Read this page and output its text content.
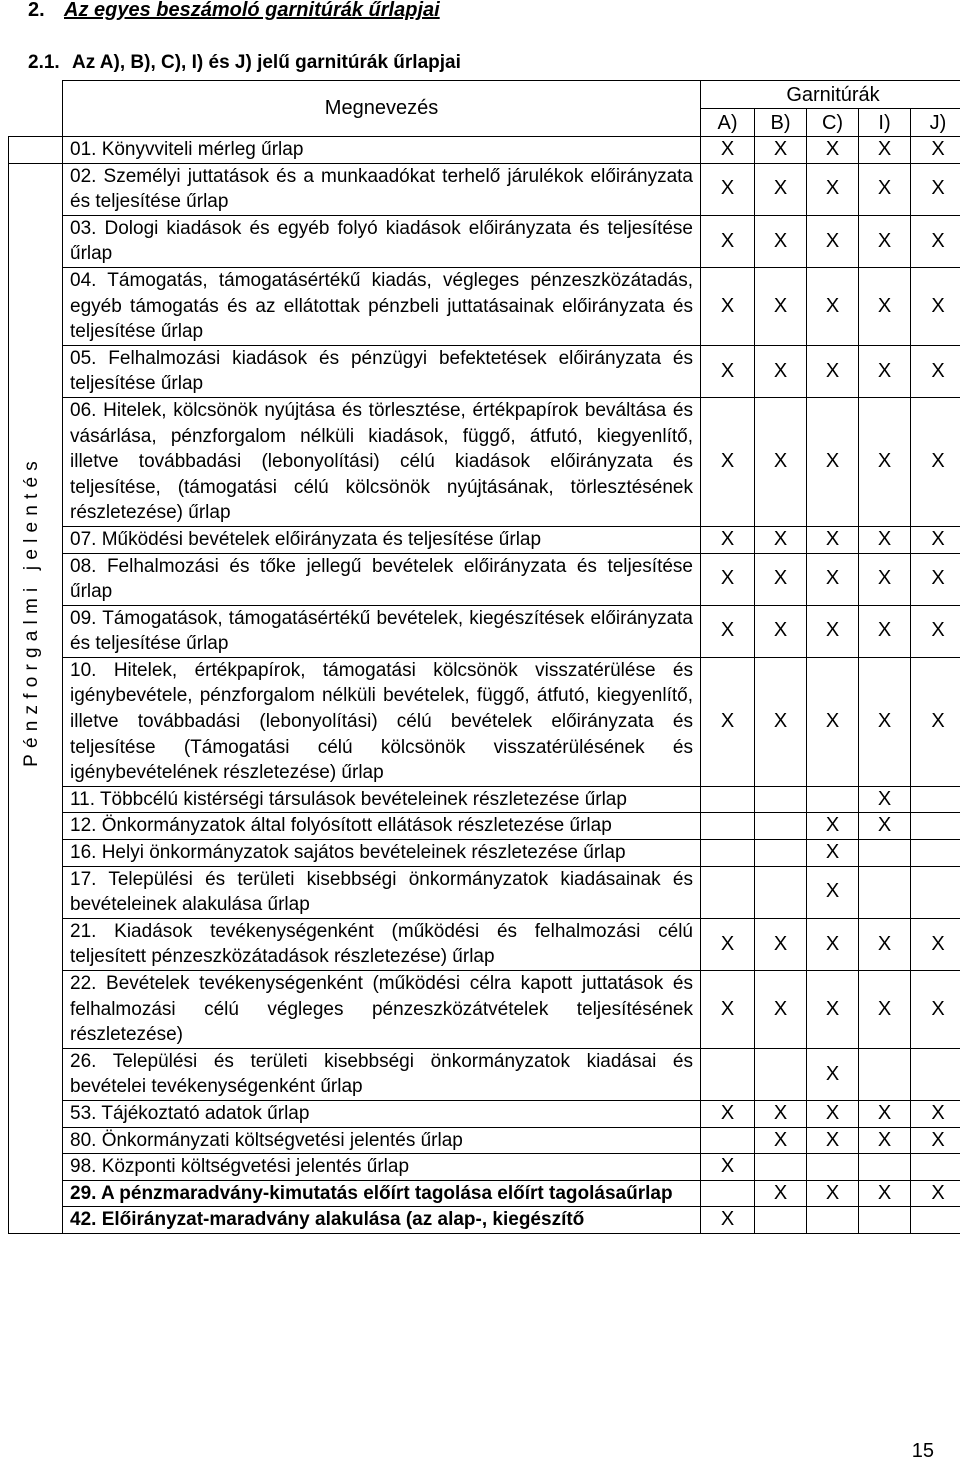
2. Az egyes beszámoló garnitúrák űrlapjai
2.1. Az A), B), C), I) és J) jelű garnitúrák űrlapjai
	Megnevezés	Garnitúrák				
		A)	B)	C)	I)	J)
	01. Könyvviteli mérleg űrlap	X	X	X	X	X

Pénzforgalmi jelentés	02. Személyi juttatások és a munkaadókat terhelő járulékok előirányzata és teljesítése űrlap	X	X	X	X	X
	03. Dologi kiadások és egyéb folyó kiadások előirányzata és teljesítése űrlap	X	X	X	X	X
	04. Támogatás, támogatásértékű kiadás, végleges pénzeszközátadás, egyéb támogatás és az ellátottak pénzbeli juttatásainak előirányzata és teljesítése űrlap	X	X	X	X	X
	05. Felhalmozási kiadások és pénzügyi befektetések előirányzata és teljesítése űrlap	X	X	X	X	X
	06. Hitelek, kölcsönök nyújtása és törlesztése, értékpapírok beváltása és vásárlása, pénzforgalom nélküli kiadások, függő, átfutó, kiegyenlítő, illetve továbbadási (lebonyolítási) célú kiadások előirányzata és teljesítése, (támogatási célú kölcsönök nyújtásának, törlesztésének részletezése) űrlap	X	X	X	X	X
	07. Működési bevételek előirányzata és teljesítése űrlap	X	X	X	X	X
	08. Felhalmozási és tőke jellegű bevételek előirányzata és teljesítése űrlap	X	X	X	X	X
	09. Támogatások, támogatásértékű bevételek, kiegészítések előirányzata és teljesítése űrlap	X	X	X	X	X
	10. Hitelek, értékpapírok, támogatási kölcsönök visszatérülése és igénybevétele, pénzforgalom nélküli bevételek, függő, átfutó, kiegyenlítő, illetve továbbadási (lebonyolítási) célú bevételek előirányzata és teljesítése (Támogatási célú kölcsönök visszatérülésének és igénybevételének részletezése) űrlap	X	X	X	X	X
	11. Többcélú kistérségi társulások bevételeinek részletezése űrlap				X	
	12. Önkormányzatok által folyósított ellátások részletezése űrlap			X	X	
	16. Helyi önkormányzatok sajátos bevételeinek részletezése űrlap			X		
	17. Települési és területi kisebbségi önkormányzatok kiadásainak és bevételeinek alakulása űrlap			X		
	21. Kiadások tevékenységenként (működési és felhalmozási célú teljesített pénzeszközátadások részletezése) űrlap	X	X	X	X	X
	22. Bevételek tevékenységenként (működési célra kapott juttatások és felhalmozási célú végleges pénzeszközátvételek teljesítésének részletezése)	X	X	X	X	X
	26. Települési és területi kisebbségi önkormányzatok kiadásai és bevételei tevékenységenként űrlap			X		
	53. Tájékoztató adatok űrlap	X	X	X	X	X
	80. Önkormányzati költségvetési jelentés űrlap		X	X	X	X
	98. Központi költségvetési jelentés űrlap	X				
	29. A pénzmaradvány-kimutatás előírt tagolása előírt tagolásaűrlap		X	X	X	X
	42. Előirányzat-maradvány alakulása (az alap-, kiegészítő	X				
15
